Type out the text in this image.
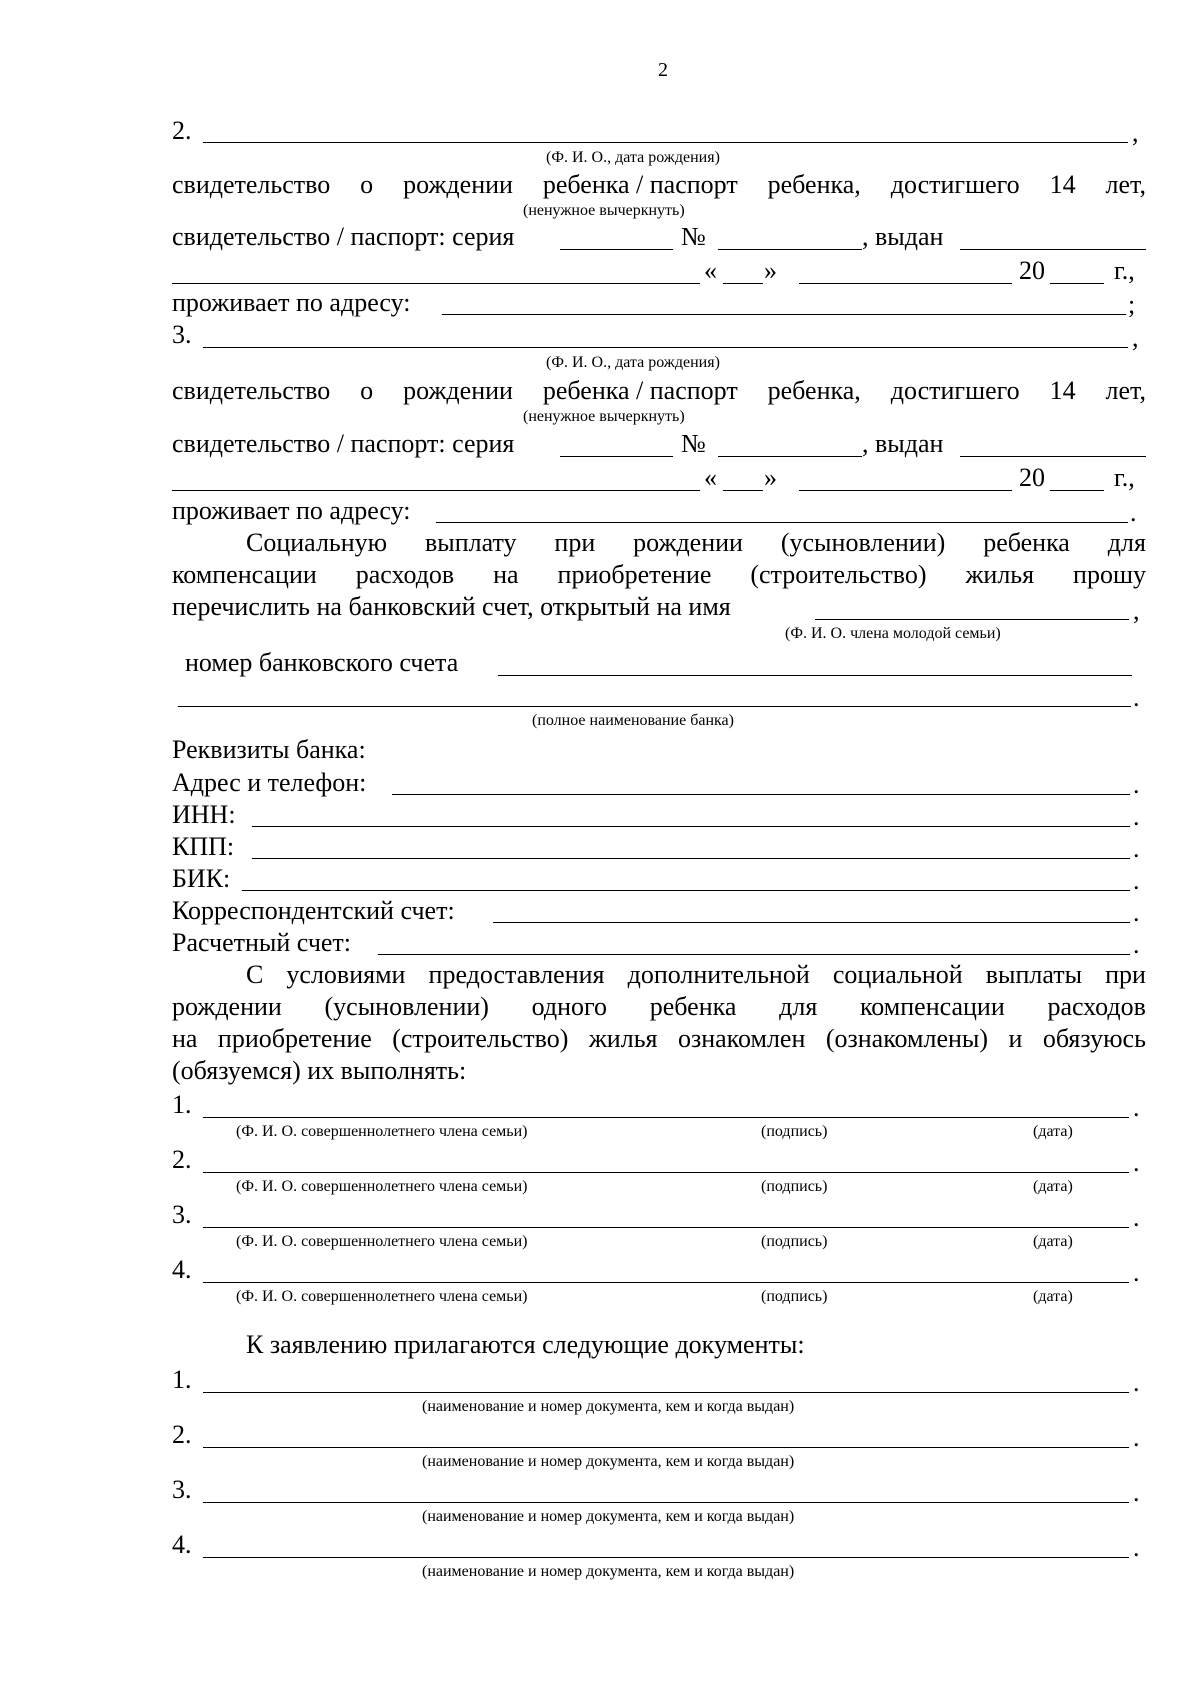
2
2.	,
(Ф. И. О., дата рождения)
свидетельство о рождении ребенка / паспорт ребенка, достигшего 14 лет,
(ненужное вычеркнуть)
свидетельство / паспорт: серия	№	, выдан
« »	20	г.,
проживает по адресу:	;
3.	,
(Ф. И. О., дата рождения)
свидетельство о рождении ребенка / паспорт ребенка, достигшего 14 лет,
(ненужное вычеркнуть)
свидетельство / паспорт: серия	№	, выдан
« »	20	г.,
проживает по адресу:	.
Социальную выплату при рождении (усыновлении) ребенка для
компенсации расходов на приобретение (строительство) жилья прошу
перечислить на банковский счет, открытый на имя	,
(Ф. И. О. члена молодой семьи)
номер банковского счета
.
(полное наименование банка)
Реквизиты банка:
Адрес и телефон:	.
ИНН:	.
КПП:	.
БИК:	.
Корреспондентский счет:	.
Расчетный счет:	.
С условиями предоставления дополнительной социальной выплаты при
рождении (усыновлении) одного ребенка для компенсации расходов
на приобретение (строительство) жилья ознакомлен (ознакомлены) и обязуюсь
(обязуемся) их выполнять:
1.	.
(Ф. И. О. совершеннолетнего члена семьи)	(подпись)	(дата)
2.	.
(Ф. И. О. совершеннолетнего члена семьи)	(подпись)	(дата)
3.	.
(Ф. И. О. совершеннолетнего члена семьи)	(подпись)	(дата)
4.	.
(Ф. И. О. совершеннолетнего члена семьи)	(подпись)	(дата)
К заявлению прилагаются следующие документы:
1.	.
(наименование и номер документа, кем и когда выдан)
2.	.
(наименование и номер документа, кем и когда выдан)
3.	.
(наименование и номер документа, кем и когда выдан)
4.	.
(наименование и номер документа, кем и когда выдан)
